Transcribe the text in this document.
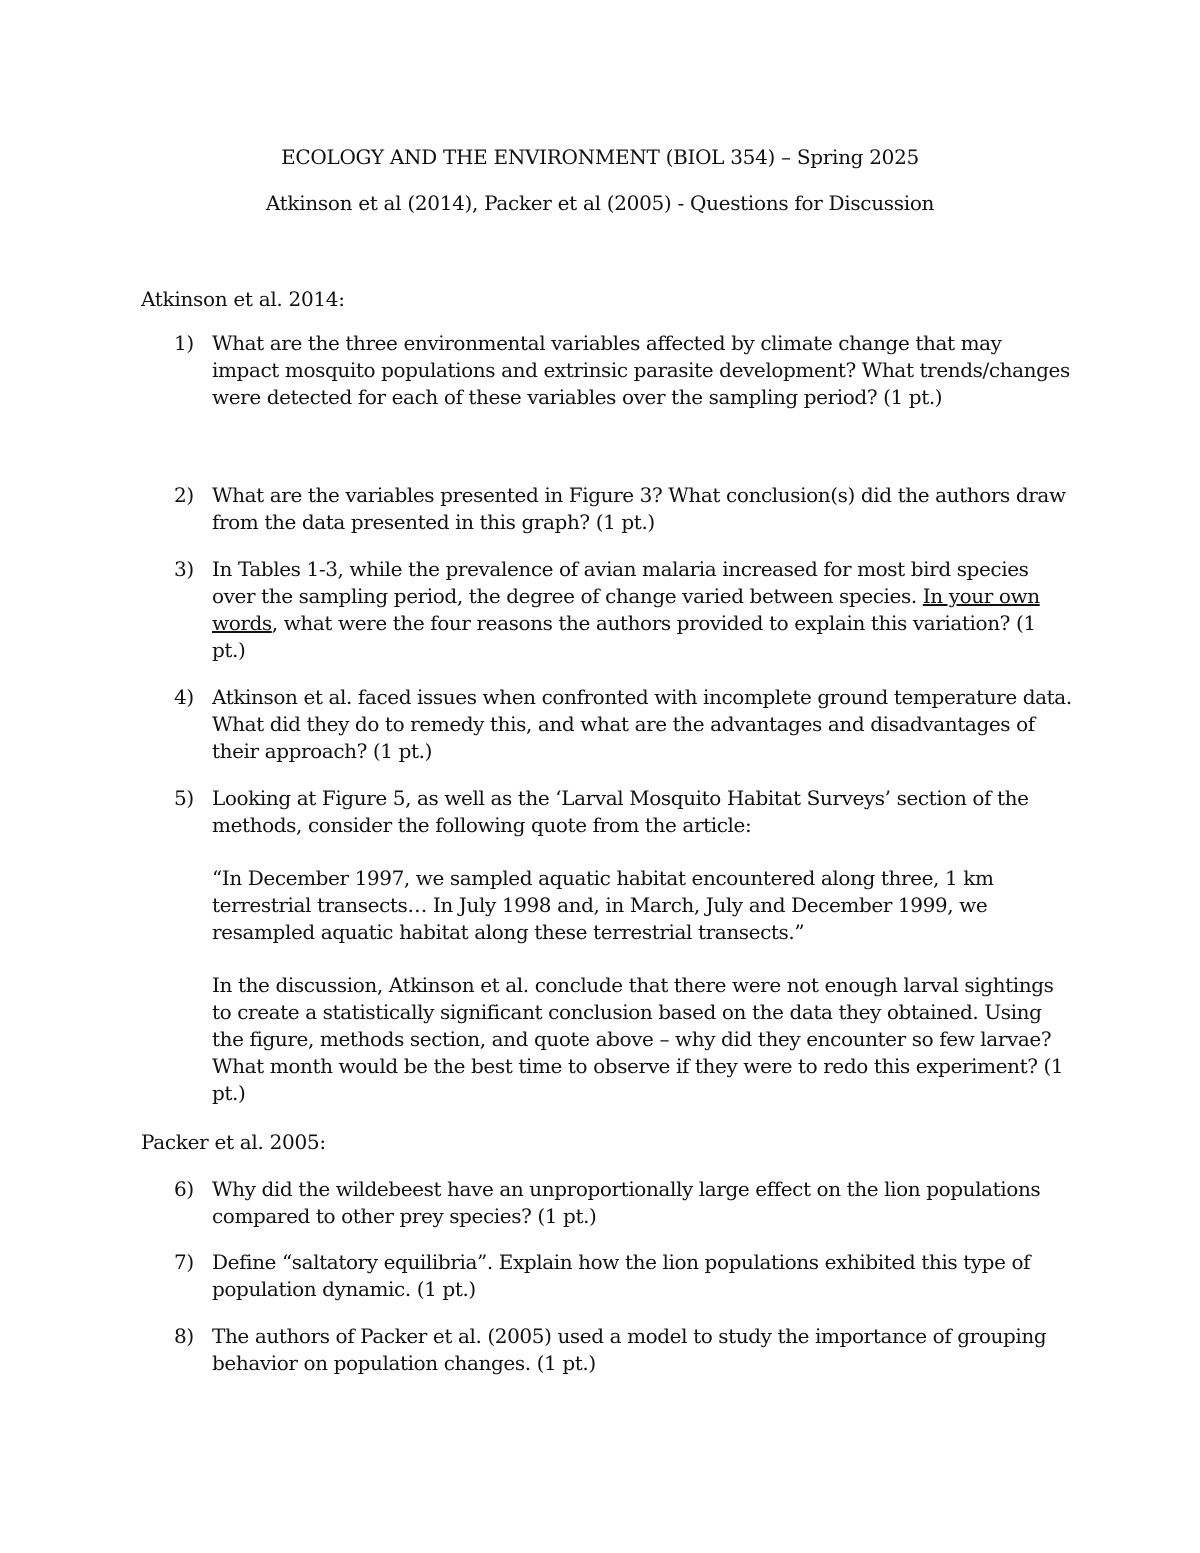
ECOLOGY AND THE ENVIRONMENT (BIOL 354) – Spring 2025
Atkinson et al (2014), Packer et al (2005) - Questions for Discussion
Atkinson et al. 2014:
1) What are the three environmental variables affected by climate change that may impact mosquito populations and extrinsic parasite development? What trends/changes were detected for each of these variables over the sampling period? (1 pt.)
2) What are the variables presented in Figure 3? What conclusion(s) did the authors draw from the data presented in this graph? (1 pt.)
3) In Tables 1-3, while the prevalence of avian malaria increased for most bird species over the sampling period, the degree of change varied between species. In your own words, what were the four reasons the authors provided to explain this variation? (1 pt.)
4) Atkinson et al. faced issues when confronted with incomplete ground temperature data. What did they do to remedy this, and what are the advantages and disadvantages of their approach? (1 pt.)
5) Looking at Figure 5, as well as the ‘Larval Mosquito Habitat Surveys’ section of the methods, consider the following quote from the article:

“In December 1997, we sampled aquatic habitat encountered along three, 1 km terrestrial transects… In July 1998 and, in March, July and December 1999, we resampled aquatic habitat along these terrestrial transects.”

In the discussion, Atkinson et al. conclude that there were not enough larval sightings to create a statistically significant conclusion based on the data they obtained. Using the figure, methods section, and quote above – why did they encounter so few larvae? What month would be the best time to observe if they were to redo this experiment? (1 pt.)

Packer et al. 2005:
6) Why did the wildebeest have an unproportionally large effect on the lion populations compared to other prey species? (1 pt.)
7) Define “saltatory equilibria”. Explain how the lion populations exhibited this type of population dynamic. (1 pt.)
8) The authors of Packer et al. (2005) used a model to study the importance of grouping behavior on population changes. (1 pt.)
